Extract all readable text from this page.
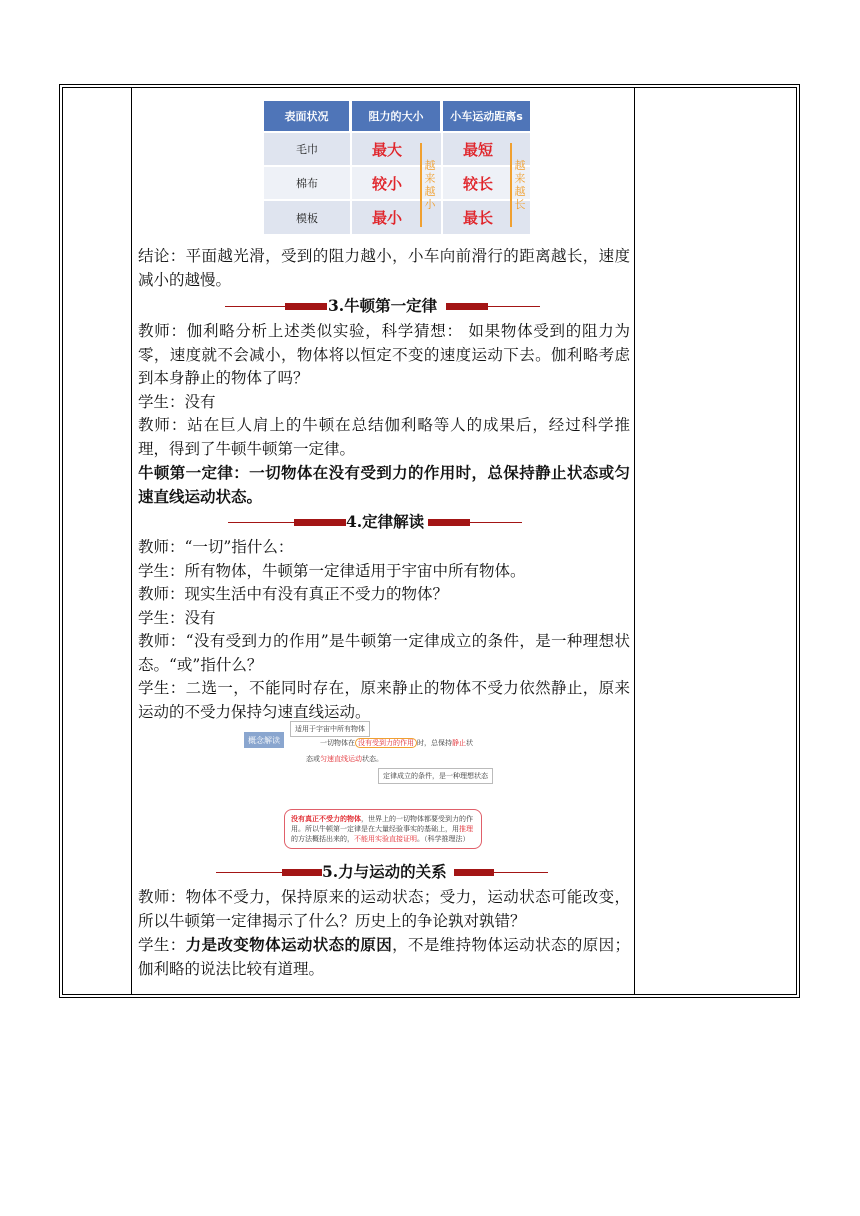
表面状况	阻力的大小	小车运动距离s
毛巾	最大	最短
棉布	较小	较长
模板	最小	最长
越来越小
越来越长

结论：平面越光滑，受到的阻力越小，小车向前滑行的距离越长，速度减小的越慢。

3.牛顿第一定律

教师：伽利略分析上述类似实验，科学猜想： 如果物体受到的阻力为零，速度就不会减小，物体将以恒定不变的速度运动下去。伽利略考虑到本身静止的物体了吗？

学生：没有

教师：站在巨人肩上的牛顿在总结伽利略等人的成果后，经过科学推理，得到了牛顿牛顿第一定律。

牛顿第一定律：一切物体在没有受到力的作用时，总保持静止状态或匀速直线运动状态。

4.定律解读

教师：“一切”指什么：

学生：所有物体，牛顿第一定律适用于宇宙中所有物体。

教师：现实生活中有没有真正不受力的物体？

学生：没有

教师：“没有受到力的作用”是牛顿第一定律成立的条件，是一种理想状态。“或”指什么？

学生：二选一，不能同时存在，原来静止的物体不受力依然静止，原来运动的不受力保持匀速直线运动。

概念解读
适用于宇宙中所有物体
一切物体在 没有受到力的作用 时，总保持静止状
态或匀速直线运动状态。
定律成立的条件，是一种理想状态
没有真正不受力的物体，世界上的一切物体都要受到力的作用。所以牛顿第一定律是在大量经验事实的基础上，用推理的方法概括出来的，不能用实验直接证明。（科学推理法）
5.力与运动的关系

教师：物体不受力，保持原来的运动状态；受力，运动状态可能改变，所以牛顿第一定律揭示了什么？历史上的争论孰对孰错？

学生：力是改变物体运动状态的原因，不是维持物体运动状态的原因；伽利略的说法比较有道理。
